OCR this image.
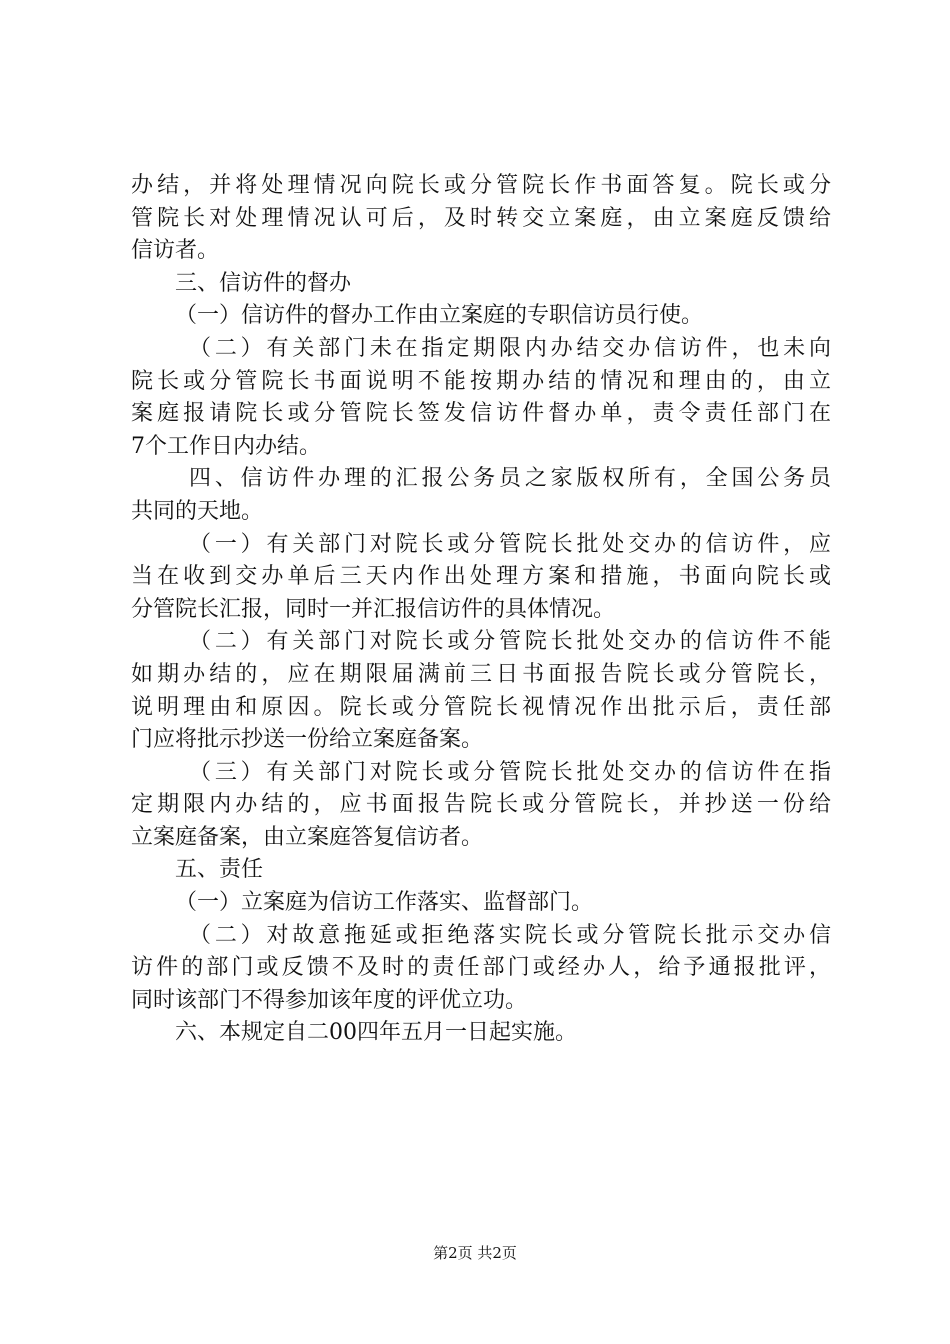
办结，并将处理情况向院长或分管院长作书面答复。院长或分
管院长对处理情况认可后，及时转交立案庭，由立案庭反馈给
信访者。
三、信访件的督办
（一）信访件的督办工作由立案庭的专职信访员行使。
（二）有关部门未在指定期限内办结交办信访件，也未向
院长或分管院长书面说明不能按期办结的情况和理由的，由立
案庭报请院长或分管院长签发信访件督办单，责令责任部门在
7个工作日内办结。
四、信访件办理的汇报公务员之家版权所有，全国公务员
共同的天地。
（一）有关部门对院长或分管院长批处交办的信访件，应
当在收到交办单后三天内作出处理方案和措施，书面向院长或
分管院长汇报，同时一并汇报信访件的具体情况。
（二）有关部门对院长或分管院长批处交办的信访件不能
如期办结的，应在期限届满前三日书面报告院长或分管院长，
说明理由和原因。院长或分管院长视情况作出批示后，责任部
门应将批示抄送一份给立案庭备案。
（三）有关部门对院长或分管院长批处交办的信访件在指
定期限内办结的，应书面报告院长或分管院长，并抄送一份给
立案庭备案，由立案庭答复信访者。
五、责任
（一）立案庭为信访工作落实、监督部门。
（二）对故意拖延或拒绝落实院长或分管院长批示交办信
访件的部门或反馈不及时的责任部门或经办人，给予通报批评，
同时该部门不得参加该年度的评优立功。
六、本规定自二00四年五月一日起实施。
第2页 共2页
